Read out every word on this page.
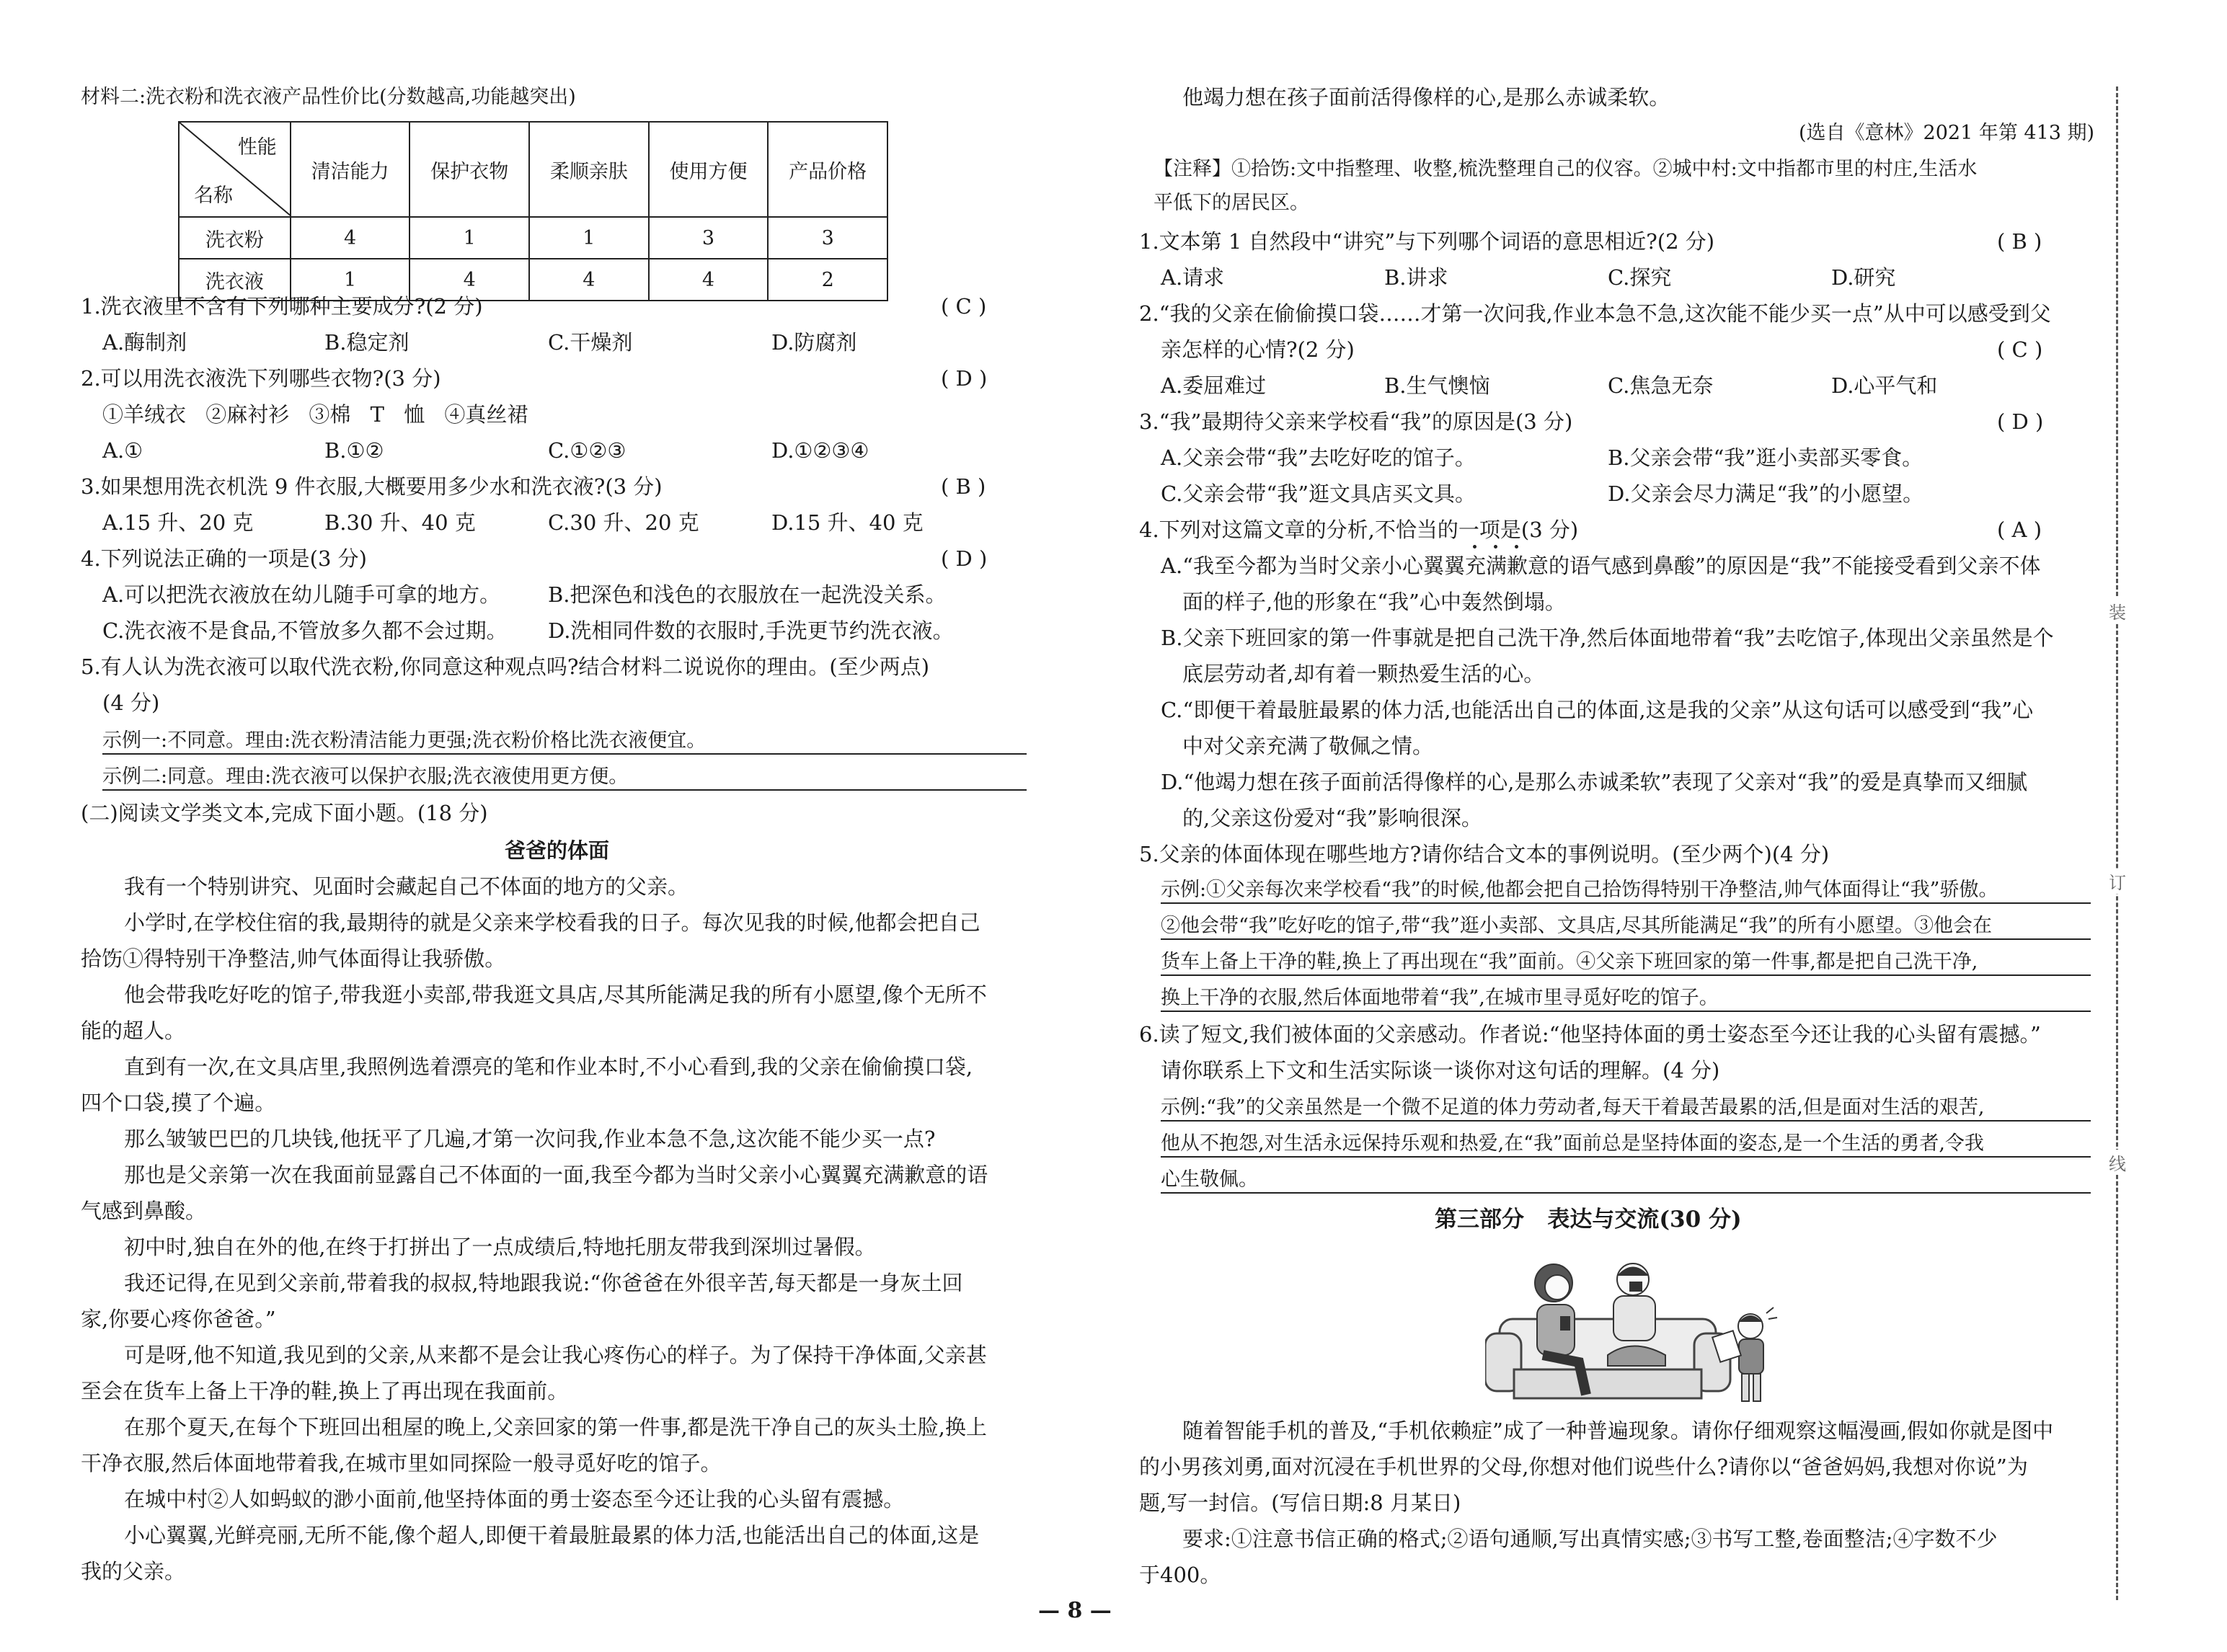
材料二:洗衣粉和洗衣液产品性价比(分数越高,功能越突出)
性能
名称	清洁能力	保护衣物	柔顺亲肤	使用方便	产品价格
洗衣粉	4	1	1	3	3
洗衣液	1	4	4	4	2
1.洗衣液里不含有下列哪种主要成分?(2 分)	( C )
A.酶制剂	B.稳定剂	C.干燥剂	D.防腐剂
2.可以用洗衣液洗下列哪些衣物?(3 分)	( D )
①羊绒衣 ②麻衬衫 ③棉 T 恤 ④真丝裙
A.①	B.①②	C.①②③	D.①②③④
3.如果想用洗衣机洗 9 件衣服,大概要用多少水和洗衣液?(3 分)	( B )
A.15 升、20 克	B.30 升、40 克	C.30 升、20 克	D.15 升、40 克
4.下列说法正确的一项是(3 分)	( D )
A.可以把洗衣液放在幼儿随手可拿的地方。 B.把深色和浅色的衣服放在一起洗没关系。
C.洗衣液不是食品,不管放多久都不会过期。 D.洗相同件数的衣服时,手洗更节约洗衣液。
5.有人认为洗衣液可以取代洗衣粉,你同意这种观点吗?结合材料二说说你的理由。(至少两点)
(4 分)
示例一:不同意。理由:洗衣粉清洁能力更强;洗衣粉价格比洗衣液便宜。
示例二:同意。理由:洗衣液可以保护衣服;洗衣液使用更方便。
(二)阅读文学类文本,完成下面小题。(18 分)
爸爸的体面
我有一个特别讲究、见面时会藏起自己不体面的地方的父亲。
小学时,在学校住宿的我,最期待的就是父亲来学校看我的日子。每次见我的时候,他都会把自己
拾饬①得特别干净整洁,帅气体面得让我骄傲。
他会带我吃好吃的馆子,带我逛小卖部,带我逛文具店,尽其所能满足我的所有小愿望,像个无所不
能的超人。
直到有一次,在文具店里,我照例选着漂亮的笔和作业本时,不小心看到,我的父亲在偷偷摸口袋,
四个口袋,摸了个遍。
那么皱皱巴巴的几块钱,他抚平了几遍,才第一次问我,作业本急不急,这次能不能少买一点?
那也是父亲第一次在我面前显露自己不体面的一面,我至今都为当时父亲小心翼翼充满歉意的语
气感到鼻酸。
初中时,独自在外的他,在终于打拼出了一点成绩后,特地托朋友带我到深圳过暑假。
我还记得,在见到父亲前,带着我的叔叔,特地跟我说:“你爸爸在外很辛苦,每天都是一身灰土回
家,你要心疼你爸爸。”
可是呀,他不知道,我见到的父亲,从来都不是会让我心疼伤心的样子。为了保持干净体面,父亲甚
至会在货车上备上干净的鞋,换上了再出现在我面前。
在那个夏天,在每个下班回出租屋的晚上,父亲回家的第一件事,都是洗干净自己的灰头土脸,换上
干净衣服,然后体面地带着我,在城市里如同探险一般寻觅好吃的馆子。
在城中村②人如蚂蚁的渺小面前,他坚持体面的勇士姿态至今还让我的心头留有震撼。
小心翼翼,光鲜亮丽,无所不能,像个超人,即便干着最脏最累的体力活,也能活出自己的体面,这是
我的父亲。
他竭力想在孩子面前活得像样的心,是那么赤诚柔软。
(选自《意林》2021 年第 413 期)
【注释】①拾饬:文中指整理、收整,梳洗整理自己的仪容。②城中村:文中指都市里的村庄,生活水
平低下的居民区。
1.文本第 1 自然段中“讲究”与下列哪个词语的意思相近?(2 分)	( B )
A.请求	B.讲求	C.探究	D.研究
2.“我的父亲在偷偷摸口袋……才第一次问我,作业本急不急,这次能不能少买一点”从中可以感受到父
亲怎样的心情?(2 分)	( C )
A.委屈难过	B.生气懊恼	C.焦急无奈	D.心平气和
3.“我”最期待父亲来学校看“我”的原因是(3 分)	( D )
A.父亲会带“我”去吃好吃的馆子。	B.父亲会带“我”逛小卖部买零食。
C.父亲会带“我”逛文具店买文具。	D.父亲会尽力满足“我”的小愿望。
4.下列对这篇文章的分析,不恰当的一项是(3 分)	( A )
A.“我至今都为当时父亲小心翼翼充满歉意的语气感到鼻酸”的原因是“我”不能接受看到父亲不体
面的样子,他的形象在“我”心中轰然倒塌。
B.父亲下班回家的第一件事就是把自己洗干净,然后体面地带着“我”去吃馆子,体现出父亲虽然是个
底层劳动者,却有着一颗热爱生活的心。
C.“即便干着最脏最累的体力活,也能活出自己的体面,这是我的父亲”从这句话可以感受到“我”心
中对父亲充满了敬佩之情。
D.“他竭力想在孩子面前活得像样的心,是那么赤诚柔软”表现了父亲对“我”的爱是真挚而又细腻
的,父亲这份爱对“我”影响很深。
5.父亲的体面体现在哪些地方?请你结合文本的事例说明。(至少两个)(4 分)
示例:①父亲每次来学校看“我”的时候,他都会把自己拾饬得特别干净整洁,帅气体面得让“我”骄傲。
②他会带“我”吃好吃的馆子,带“我”逛小卖部、文具店,尽其所能满足“我”的所有小愿望。③他会在
货车上备上干净的鞋,换上了再出现在“我”面前。④父亲下班回家的第一件事,都是把自己洗干净,
换上干净的衣服,然后体面地带着“我”,在城市里寻觅好吃的馆子。
6.读了短文,我们被体面的父亲感动。作者说:“他坚持体面的勇士姿态至今还让我的心头留有震撼。”
请你联系上下文和生活实际谈一谈你对这句话的理解。(4 分)
示例:“我”的父亲虽然是一个微不足道的体力劳动者,每天干着最苦最累的活,但是面对生活的艰苦,
他从不抱怨,对生活永远保持乐观和热爱,在“我”面前总是坚持体面的姿态,是一个生活的勇者,令我
心生敬佩。
第三部分   表达与交流(30 分)
随着智能手机的普及,“手机依赖症”成了一种普遍现象。请你仔细观察这幅漫画,假如你就是图中
的小男孩刘勇,面对沉浸在手机世界的父母,你想对他们说些什么?请你以“爸爸妈妈,我想对你说”为
题,写一封信。(写信日期:8 月某日)
要求:①注意书信正确的格式;②语句通顺,写出真情实感;③书写工整,卷面整洁;④字数不少
于400。
装
订
线
— 8 —
